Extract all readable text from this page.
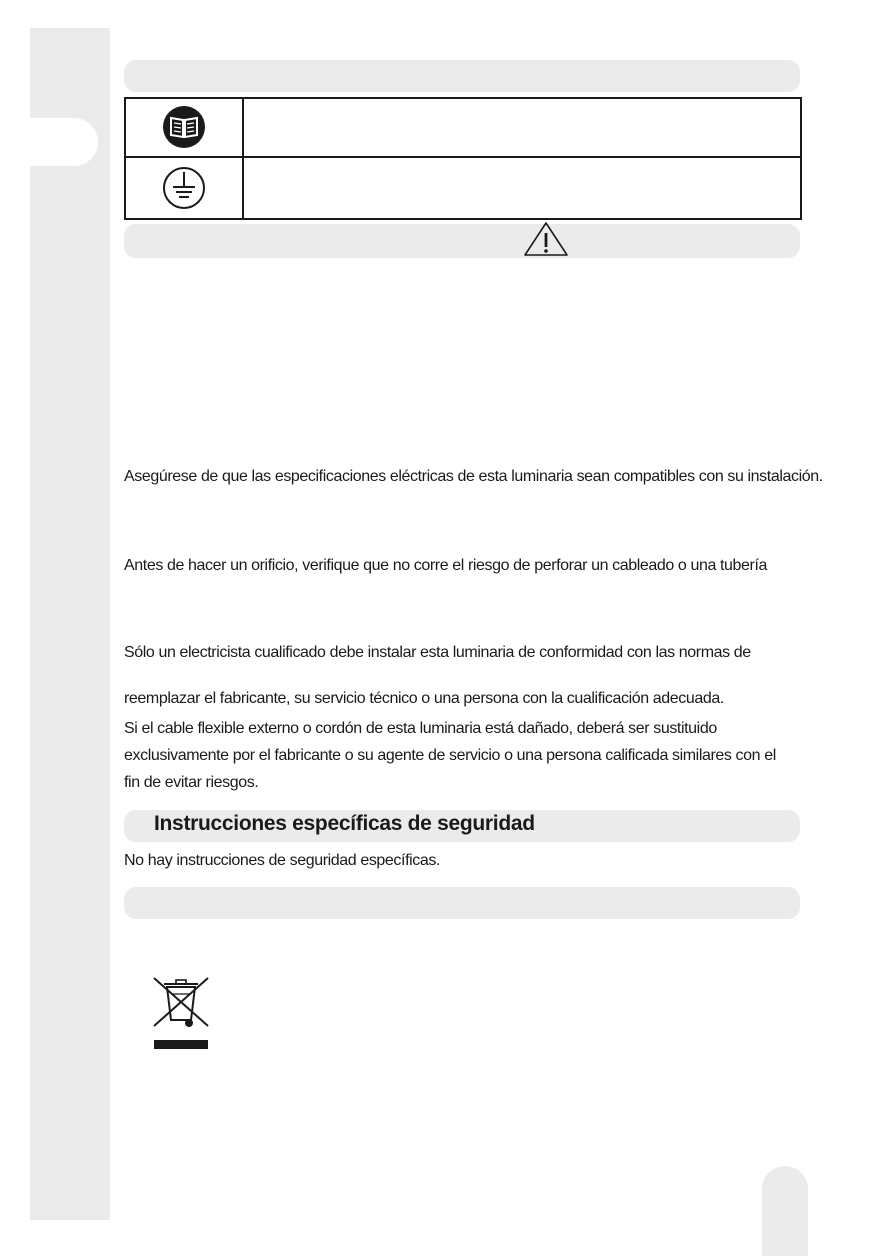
Asegúrese de que las especificaciones eléctricas de esta luminaria sean compatibles con su instalación.
Antes de hacer un orificio, verifique que no corre el riesgo de perforar un cableado o una tubería
Sólo un electricista cualificado debe instalar esta luminaria de conformidad con las normas de
reemplazar el fabricante, su servicio técnico o una persona con la cualificación adecuada.
Si el cable flexible externo o cordón de esta luminaria está dañado, deberá ser sustituido
exclusivamente por el fabricante o su agente de servicio o una persona calificada similares con el
fin de evitar riesgos.
Instrucciones específicas de seguridad
No hay instrucciones de seguridad específicas.
